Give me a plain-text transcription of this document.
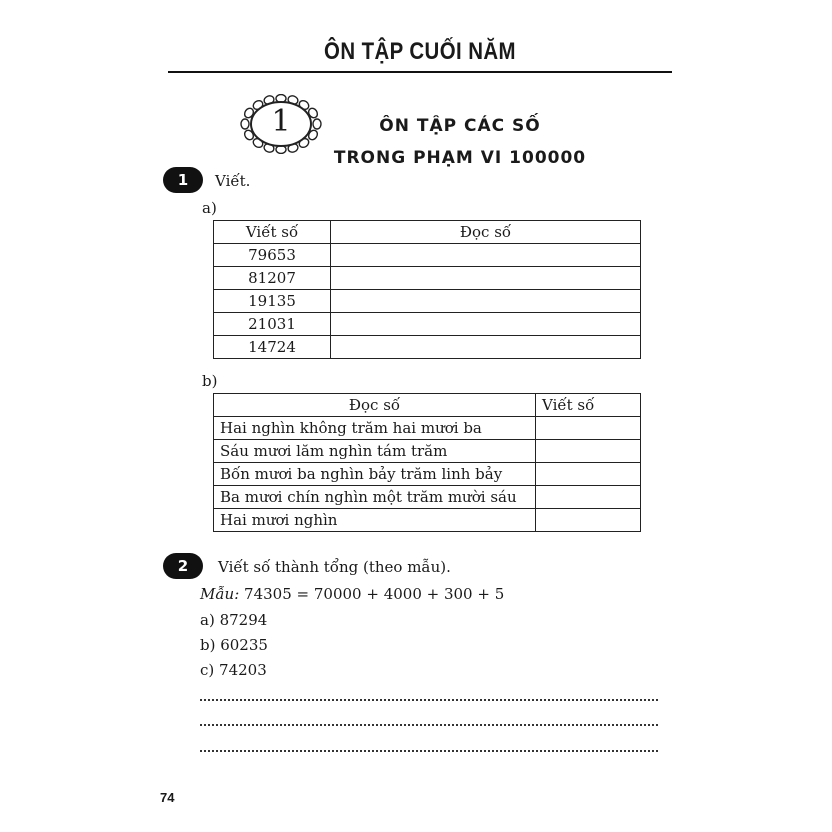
ÔN TẬP CUỐI NĂM
1	ÔN TẬP CÁC SỐ
TRONG PHẠM VI 100000
1	Viết.
a)
Viết số	Đọc số
79653	
81207	
19135	
21031	
14724	
b)
Đọc số	Viết số
Hai nghìn không trăm hai mươi ba	
Sáu mươi lăm nghìn tám trăm	
Bốn mươi ba nghìn bảy trăm linh bảy	
Ba mươi chín nghìn một trăm mười sáu	
Hai mươi nghìn	
2	Viết số thành tổng (theo mẫu).
Mẫu: 74305 = 70000 + 4000 + 300 + 5
a) 87294
b) 60235
c) 74203
74
